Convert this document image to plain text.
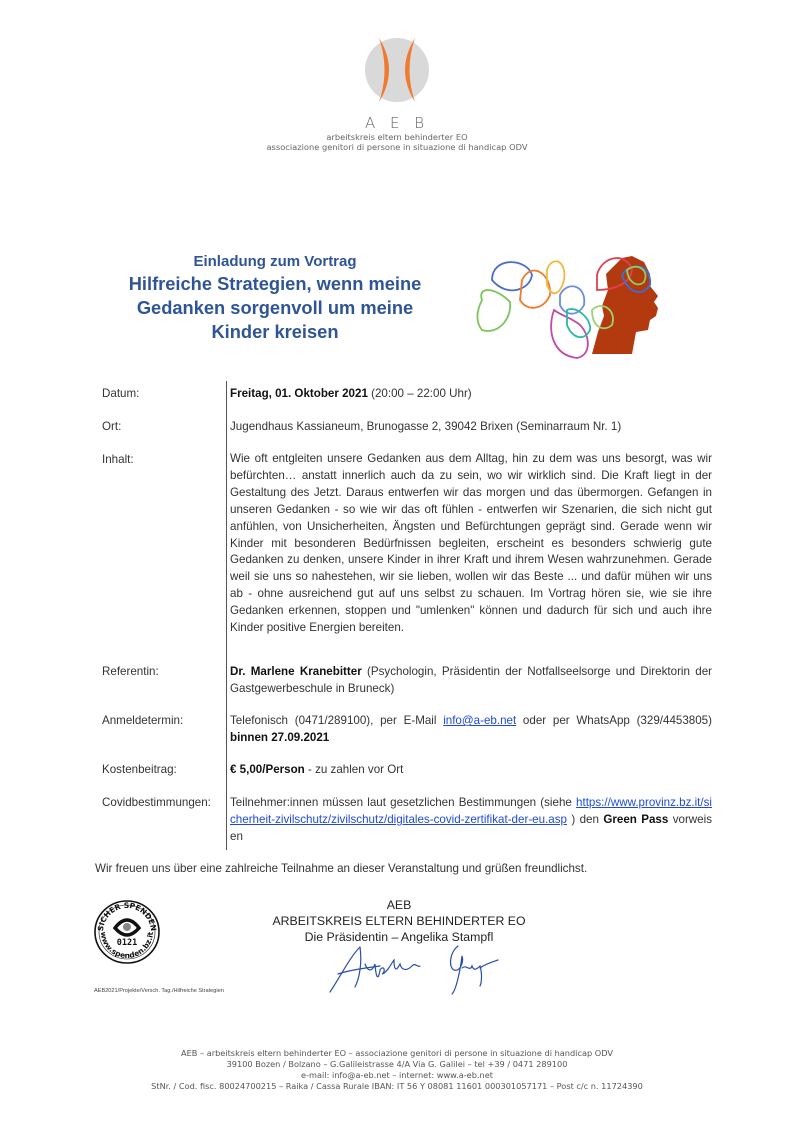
A E B
arbeitskreis eltern behinderter EO
associazione genitori di persone in situazione di handicap ODV
Einladung zum Vortrag
Hilfreiche Strategien, wenn meine
Gedanken sorgenvoll um meine
Kinder kreisen
Datum:	Freitag, 01. Oktober 2021 (20:00 – 22:00 Uhr)
Ort:	Jugendhaus Kassianeum, Brunogasse 2, 39042 Brixen (Seminarraum Nr. 1)
Inhalt:	Wie oft entgleiten unsere Gedanken aus dem Alltag, hin zu dem was uns besorgt, was wir befürchten… anstatt innerlich auch da zu sein, wo wir wirklich sind. Die Kraft liegt in der Gestaltung des Jetzt. Daraus entwerfen wir das morgen und das übermorgen. Gefangen in unseren Gedanken - so wie wir das oft fühlen - entwerfen wir Szenarien, die sich nicht gut anfühlen, von Unsicherheiten, Ängsten und Befürchtungen geprägt sind. Gerade wenn wir Kinder mit besonderen Bedürfnissen begleiten, erscheint es besonders schwierig gute Gedanken zu denken, unsere Kinder in ihrer Kraft und ihrem Wesen wahrzunehmen. Gerade weil sie uns so nahestehen, wir sie lieben, wollen wir das Beste ... und dafür mühen wir uns ab - ohne ausreichend gut auf uns selbst zu schauen. Im Vortrag hören sie, wie sie ihre Gedanken erkennen, stoppen und "umlenken" können und dadurch für sich und auch ihre Kinder positive Energien bereiten.
Referentin:	Dr. Marlene Kranebitter (Psychologin, Präsidentin der Notfallseelsorge und Direktorin der Gastgewerbeschule in Bruneck)
Anmeldetermin:	Telefonisch (0471/289100), per E-Mail info@a-eb.net oder per WhatsApp (329/4453805) binnen 27.09.2021
Kostenbeitrag:	€ 5,00/Person - zu zahlen vor Ort
Covidbestimmungen:	Teilnehmer:innen müssen laut gesetzlichen Bestimmungen (siehe https://www.provinz.bz.it/sicherheit-zivilschutz/zivilschutz/digitales-covid-zertifikat-der-eu.asp ) den Green Pass vorweisen
Wir freuen uns über eine zahlreiche Teilnahme an dieser Veranstaltung und grüßen freundlichst.
SICHER SPENDEN
www.spenden.bz.it
0121
AEB2021/Projekte/Versch. Tag./Hilfreiche Strategien
AEB
ARBEITSKREIS ELTERN BEHINDERTER EO
Die Präsidentin – Angelika Stampfl
AEB – arbeitskreis eltern behinderter EO – associazione genitori di persone in situazione di handicap ODV
39100 Bozen / Bolzano – G.Galileistrasse 4/A Via G. Galilei – tel +39 / 0471 289100
e-mail: info@a-eb.net – internet: www.a-eb.net
StNr. / Cod. fisc. 80024700215 – Raika / Cassa Rurale IBAN: IT 56 Y 08081 11601 000301057171 – Post c/c n. 11724390
